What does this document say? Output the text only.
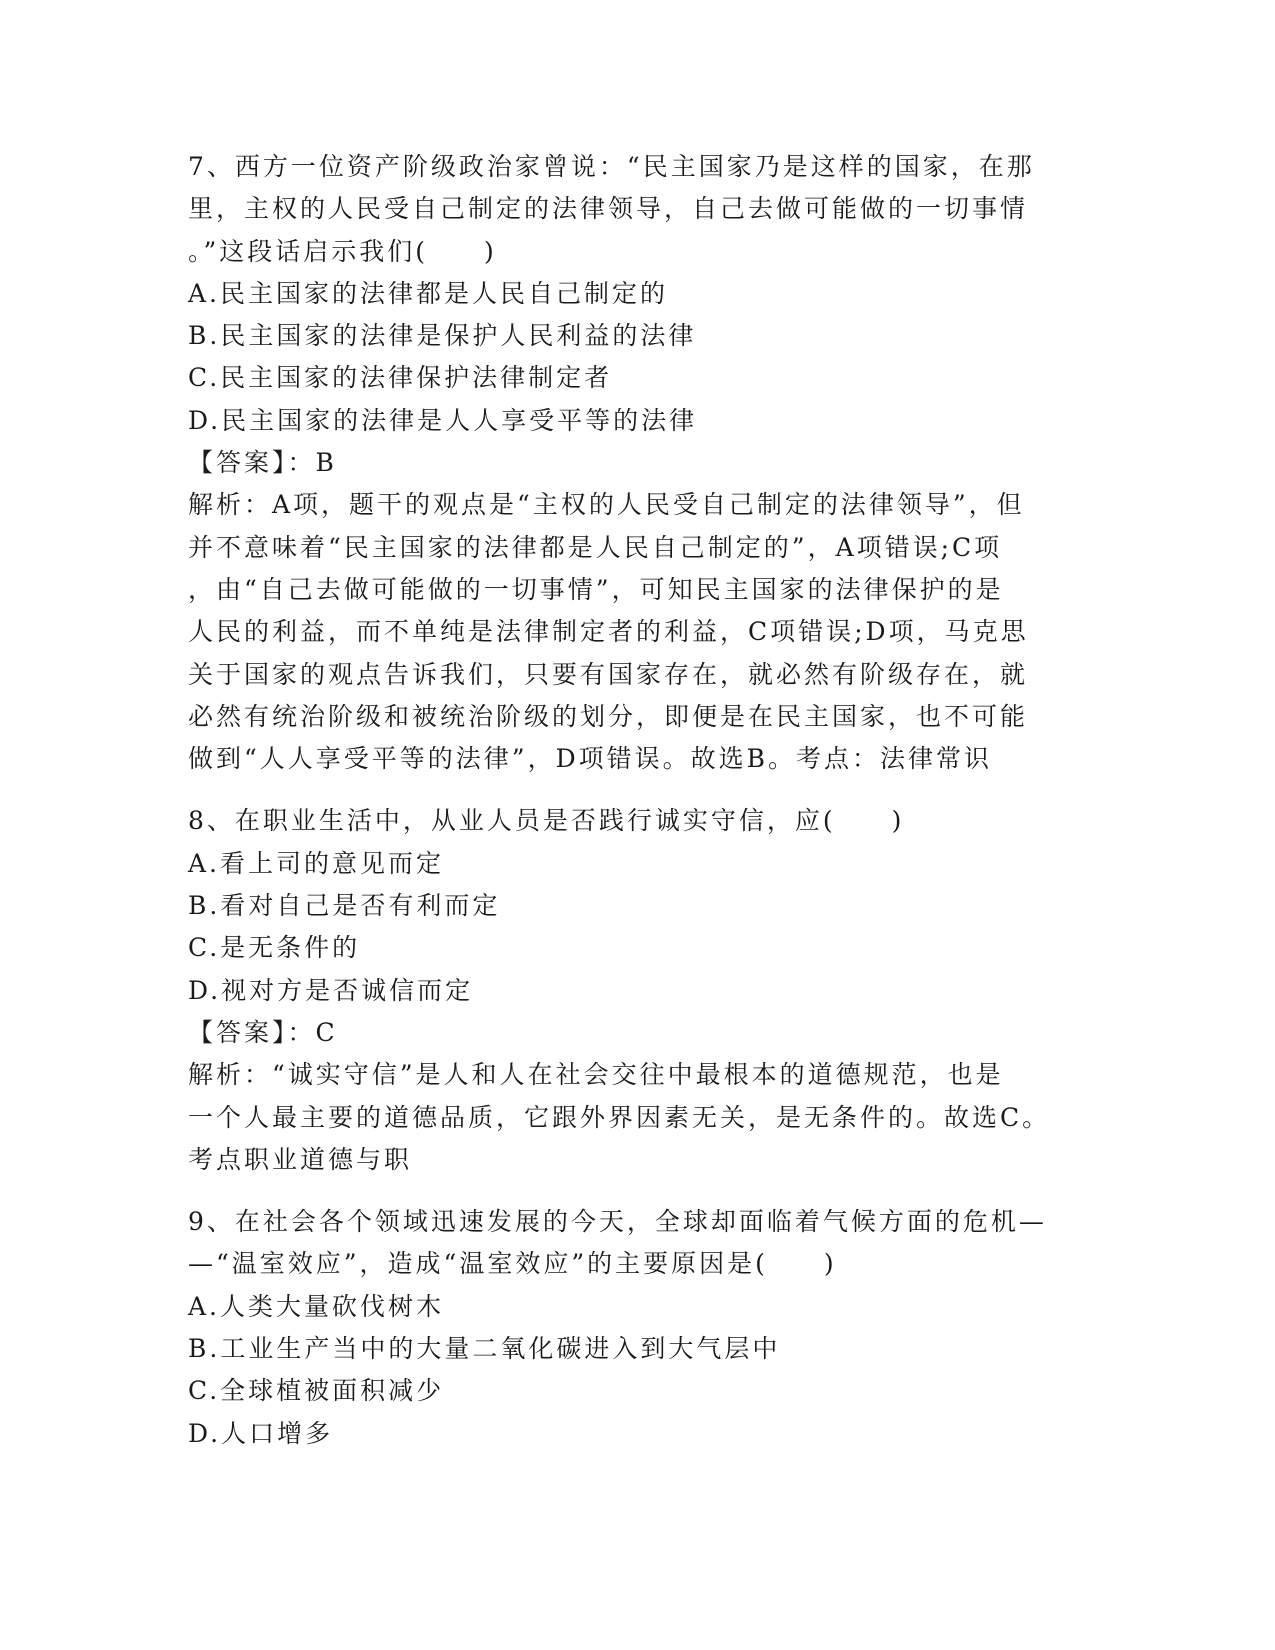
7、西方一位资产阶级政治家曾说：“民主国家乃是这样的国家，在那
里，主权的人民受自己制定的法律领导，自己去做可能做的一切事情
。”这段话启示我们(　　)
A.民主国家的法律都是人民自己制定的
B.民主国家的法律是保护人民利益的法律
C.民主国家的法律保护法律制定者
D.民主国家的法律是人人享受平等的法律
【答案】：B
解析：A项，题干的观点是“主权的人民受自己制定的法律领导”，但
并不意味着“民主国家的法律都是人民自己制定的”，A项错误;C项
，由“自己去做可能做的一切事情”，可知民主国家的法律保护的是
人民的利益，而不单纯是法律制定者的利益，C项错误;D项，马克思
关于国家的观点告诉我们，只要有国家存在，就必然有阶级存在，就
必然有统治阶级和被统治阶级的划分，即便是在民主国家，也不可能
做到“人人享受平等的法律”，D项错误。故选B。考点：法律常识
8、在职业生活中，从业人员是否践行诚实守信，应(　　)
A.看上司的意见而定
B.看对自己是否有利而定
C.是无条件的
D.视对方是否诚信而定
【答案】：C
解析：“诚实守信”是人和人在社会交往中最根本的道德规范，也是
一个人最主要的道德品质，它跟外界因素无关，是无条件的。故选C。
考点职业道德与职
9、在社会各个领域迅速发展的今天，全球却面临着气候方面的危机—
—“温室效应”，造成“温室效应”的主要原因是(　　)
A.人类大量砍伐树木
B.工业生产当中的大量二氧化碳进入到大气层中
C.全球植被面积减少
D.人口增多
